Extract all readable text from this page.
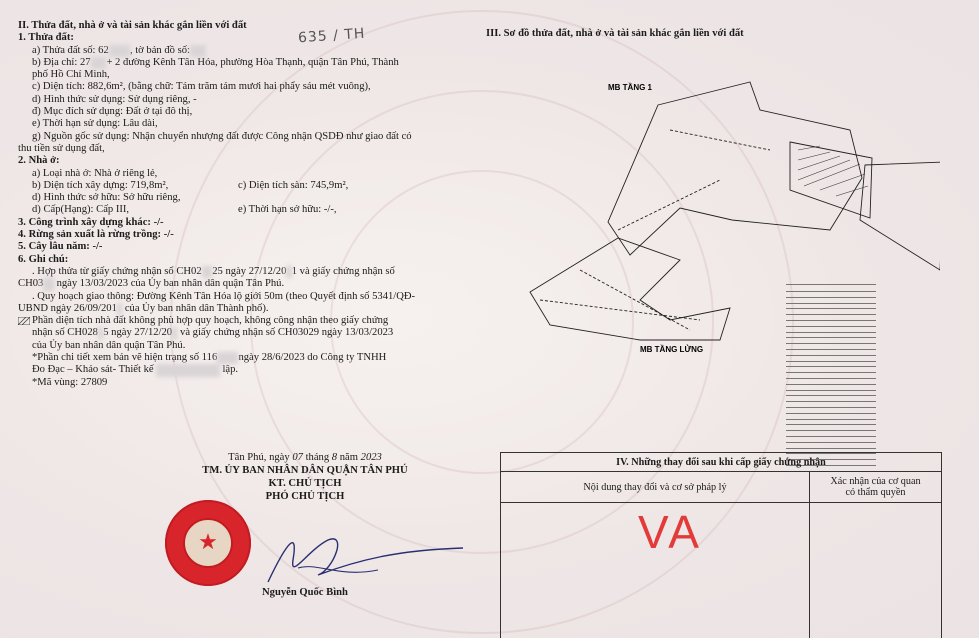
635 / TH
II. Thửa đất, nhà ở và tài sản khác gắn liền với đất
1. Thửa đất:
a) Thửa đất số: 62 , tờ bản đồ số:
b) Địa chỉ: 27 + 2 đường Kênh Tân Hóa, phường Hòa Thạnh, quận Tân Phú, Thành
phố Hồ Chí Minh,
c) Diện tích: 882,6m², (bằng chữ: Tám trăm tám mươi hai phẩy sáu mét vuông),
d) Hình thức sử dụng: Sử dụng riêng, -
đ) Mục đích sử dụng: Đất ở tại đô thị,
e) Thời hạn sử dụng: Lâu dài,
g) Nguồn gốc sử dụng: Nhận chuyển nhượng đất được Công nhận QSDĐ như giao đất có
thu tiền sử dụng đất,
2. Nhà ở:
a) Loại nhà ở: Nhà ở riêng lẻ,
b) Diện tích xây dựng: 719,8m²,	c) Diện tích sàn: 745,9m²,
d) Hình thức sở hữu: Sở hữu riêng,
d) Cấp(Hạng): Cấp III,	e) Thời hạn sở hữu: -/-,
3. Công trình xây dựng khác: -/-
4. Rừng sản xuất là rừng trồng: -/-
5. Cây lâu năm: -/-
6. Ghi chú:
. Hợp thửa từ giấy chứng nhận số CH02 25 ngày 27/12/20 1 và giấy chứng nhận số
CH03 ngày 13/03/2023 của Ủy ban nhân dân quận Tân Phú.
. Quy hoạch giao thông: Đường Kênh Tân Hóa lộ giới 50m (theo Quyết định số 5341/QĐ-
UBND ngày 26/09/201 của Ủy ban nhân dân Thành phố).
Phần diện tích nhà đất không phù hợp quy hoạch, không công nhận theo giấy chứng
nhận số CH028 5 ngày 27/12/20 và giấy chứng nhận số CH03029 ngày 13/03/2023
của Ủy ban nhân dân quận Tân Phú.
*Phần chi tiết xem bản vẽ hiện trạng số 116 ngày 28/6/2023 do Công ty TNHH
Đo Đạc – Khảo sát- Thiết kế	lập.
*Mã vùng: 27809
Tân Phú, ngày 07 tháng 8 năm 2023
TM. ỦY BAN NHÂN DÂN QUẬN TÂN PHÚ
KT. CHỦ TỊCH
PHÓ CHỦ TỊCH
★
Nguyễn Quốc Bình
III. Sơ đồ thửa đất, nhà ở và tài sản khác gắn liền với đất
MB TẦNG 1
MB TẦNG LỬNG
IV. Những thay đổi sau khi cấp giấy chứng nhận	
Nội dung thay đổi và cơ sở pháp lý	Xác nhận của cơ quan
có thẩm quyền

VA
